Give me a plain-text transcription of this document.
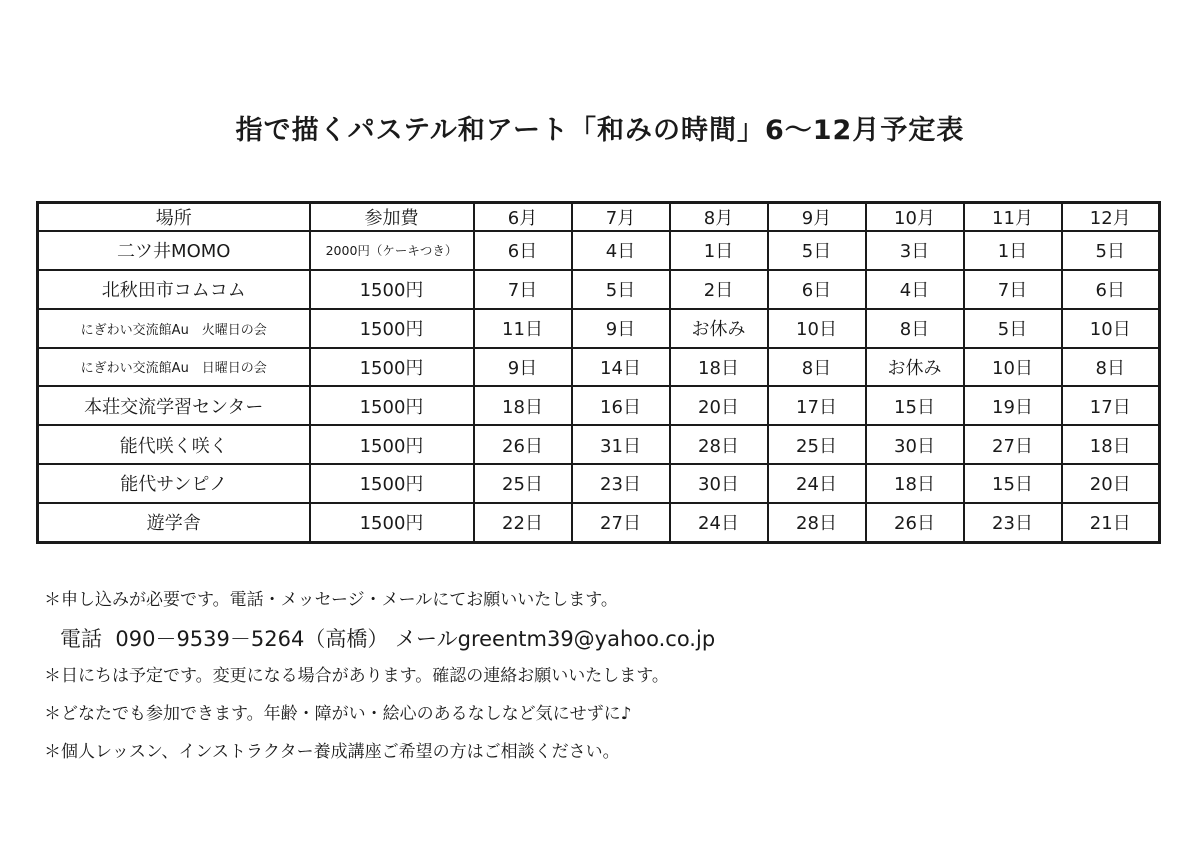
指で描くパステル和アート「和みの時間」6～12月予定表
場所	参加費	6月	7月	8月	9月	10月	11月	12月
二ツ井MOMO	2000円（ケーキつき）	6日	4日	1日	5日	3日	1日	5日
北秋田市コムコム	1500円	7日	5日	2日	6日	4日	7日	6日
にぎわい交流館Au　火曜日の会	1500円	11日	9日	お休み	10日	8日	5日	10日
にぎわい交流館Au　日曜日の会	1500円	9日	14日	18日	8日	お休み	10日	8日
本荘交流学習センター	1500円	18日	16日	20日	17日	15日	19日	17日
能代咲く咲く	1500円	26日	31日	28日	25日	30日	27日	18日
能代サンピノ	1500円	25日	23日	30日	24日	18日	15日	20日
遊学舎	1500円	22日	27日	24日	28日	26日	23日	21日
＊申し込みが必要です。電話・メッセージ・メールにてお願いいたします。
電話 090－9539－5264（高橋） メールgreentm39@yahoo.co.jp
＊日にちは予定です。変更になる場合があります。確認の連絡お願いいたします。
＊どなたでも参加できます。年齢・障がい・絵心のあるなしなど気にせずに♪
＊個人レッスン、インストラクター養成講座ご希望の方はご相談ください。
